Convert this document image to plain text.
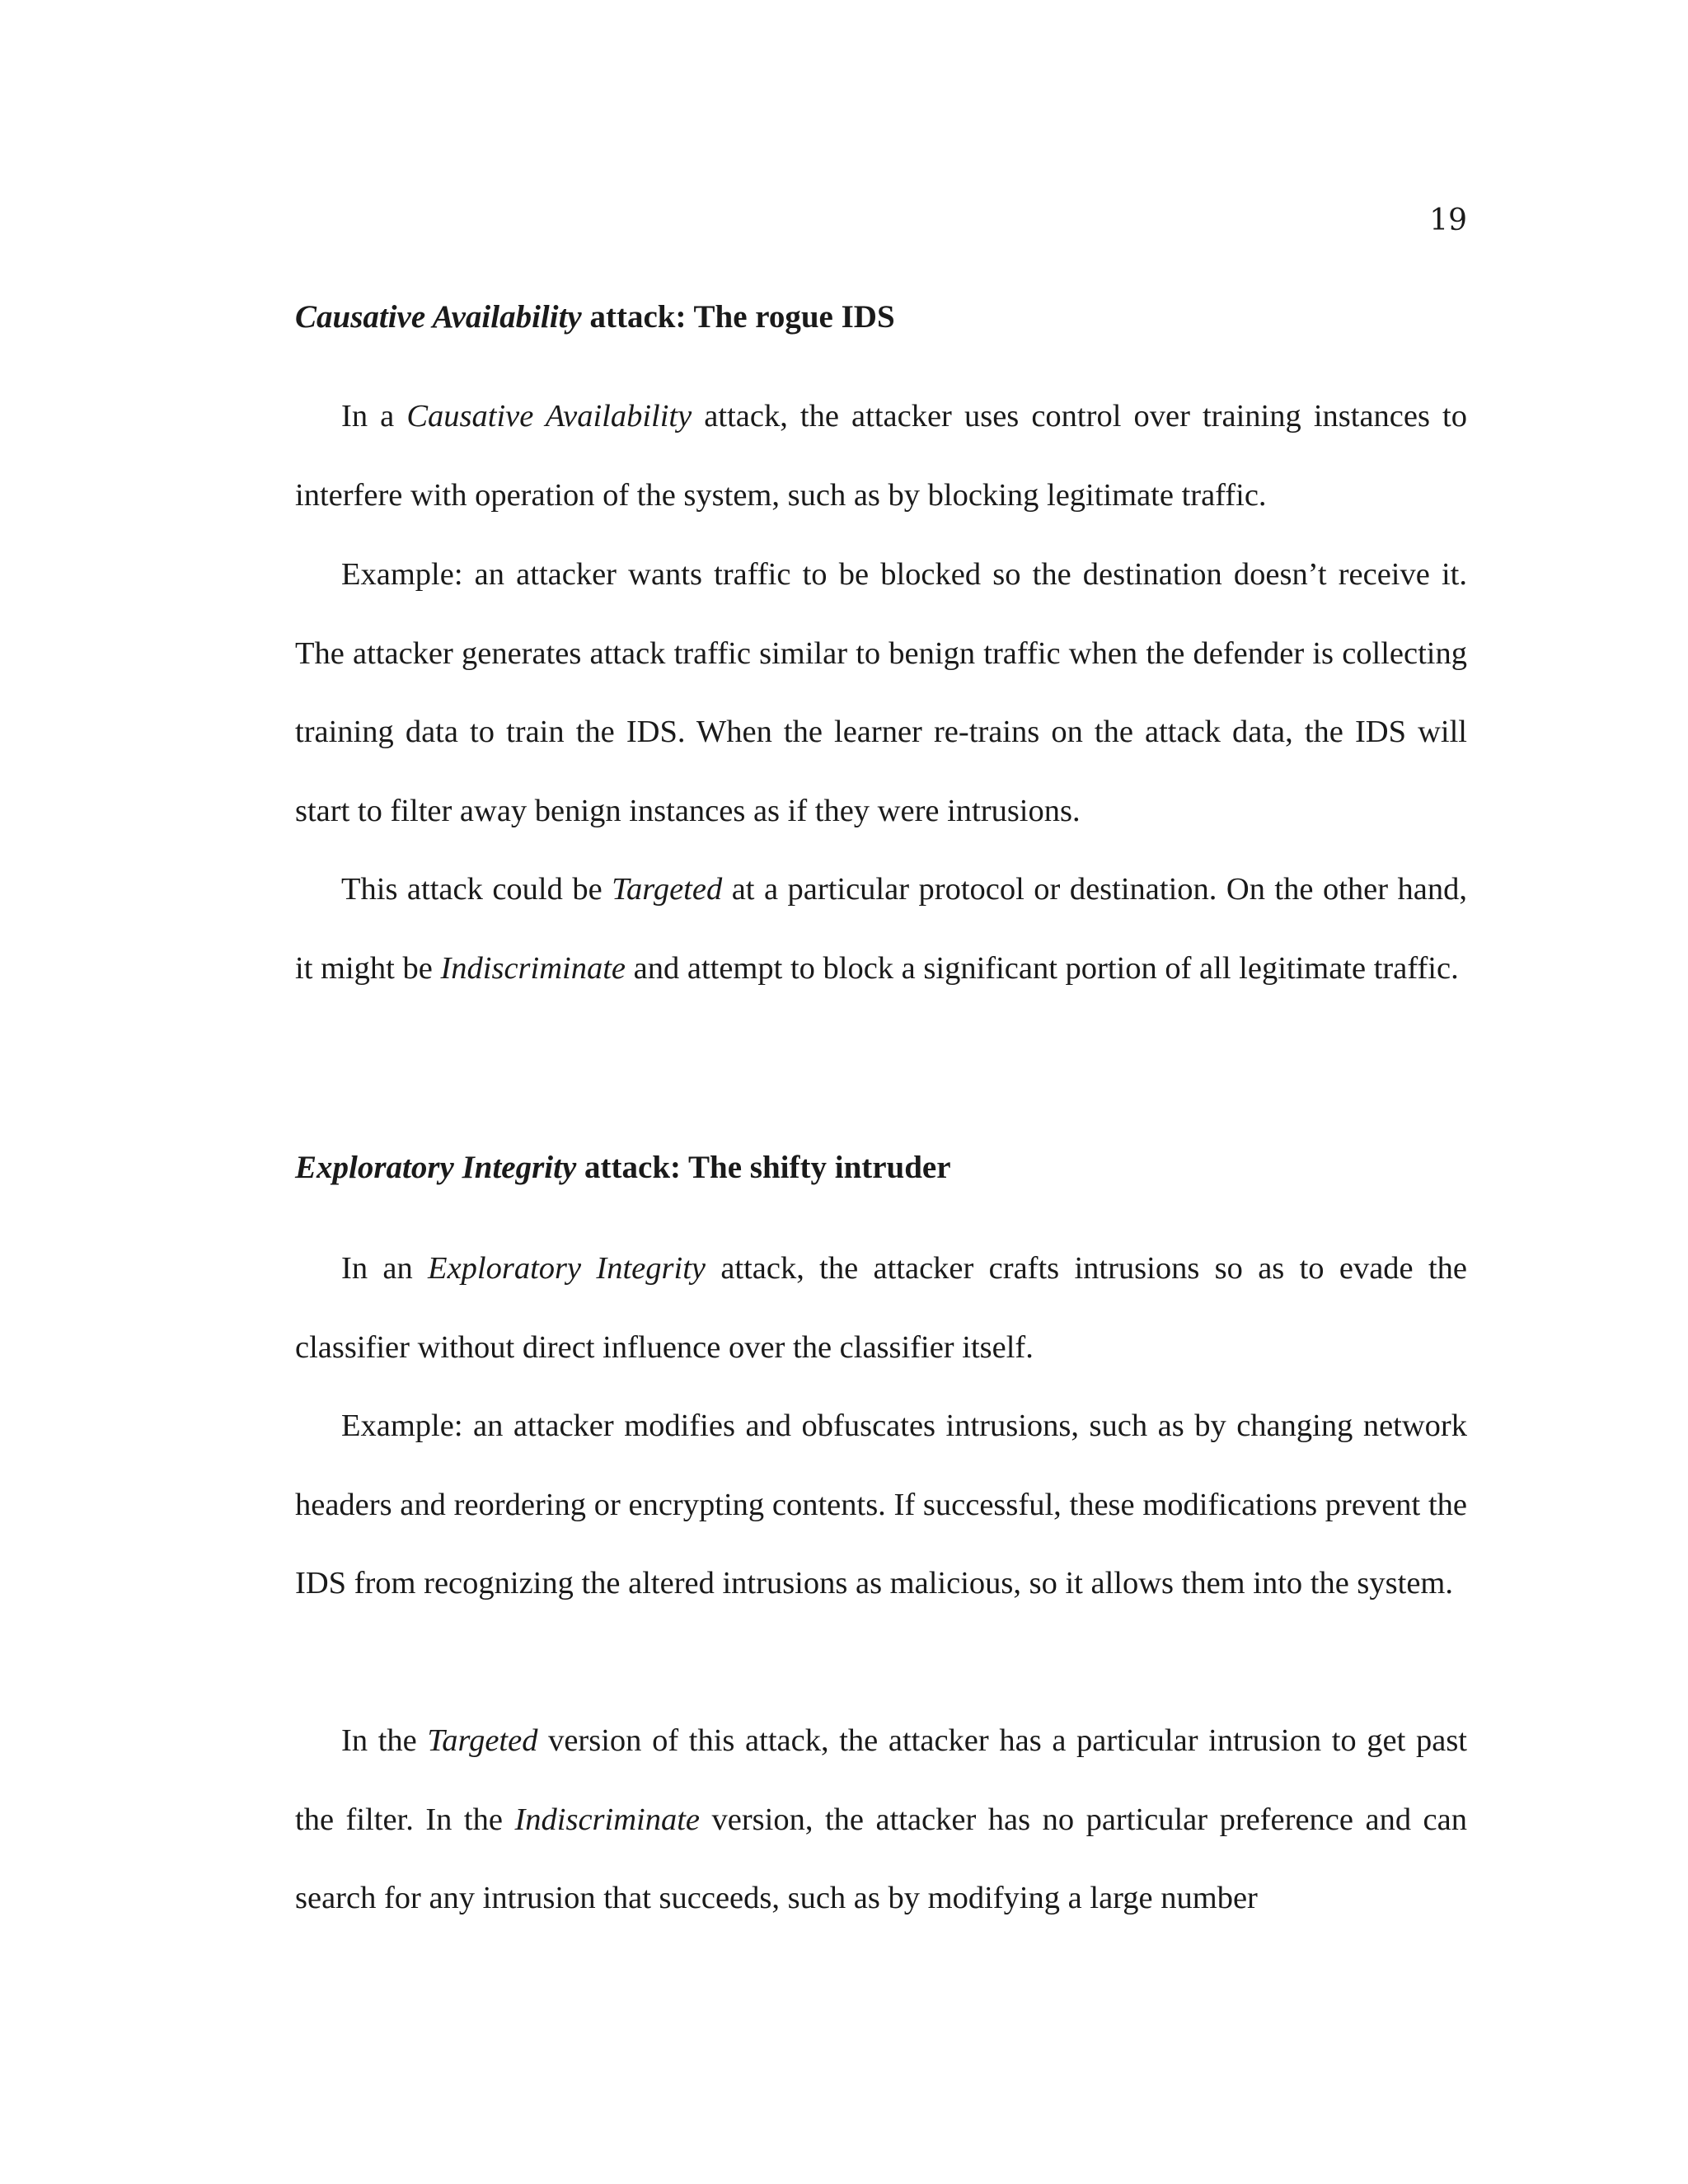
19
Causative Availability attack: The rogue IDS

In a Causative Availability attack, the attacker uses control over training instances to interfere with operation of the system, such as by blocking legitimate traffic.

Example: an attacker wants traffic to be blocked so the destination doesn’t receive it. The attacker generates attack traffic similar to benign traffic when the defender is collecting training data to train the IDS. When the learner re-trains on the attack data, the IDS will start to filter away benign instances as if they were intrusions.

This attack could be Targeted at a particular protocol or destination. On the other hand, it might be Indiscriminate and attempt to block a significant portion of all legitimate traffic.

Exploratory Integrity attack: The shifty intruder

In an Exploratory Integrity attack, the attacker crafts intrusions so as to evade the classifier without direct influence over the classifier itself.

Example: an attacker modifies and obfuscates intrusions, such as by changing network headers and reordering or encrypting contents. If successful, these modifications prevent the IDS from recognizing the altered intrusions as malicious, so it allows them into the system.

In the Targeted version of this attack, the attacker has a particular intrusion to get past the filter. In the Indiscriminate version, the attacker has no particular preference and can search for any intrusion that succeeds, such as by modifying a large number
